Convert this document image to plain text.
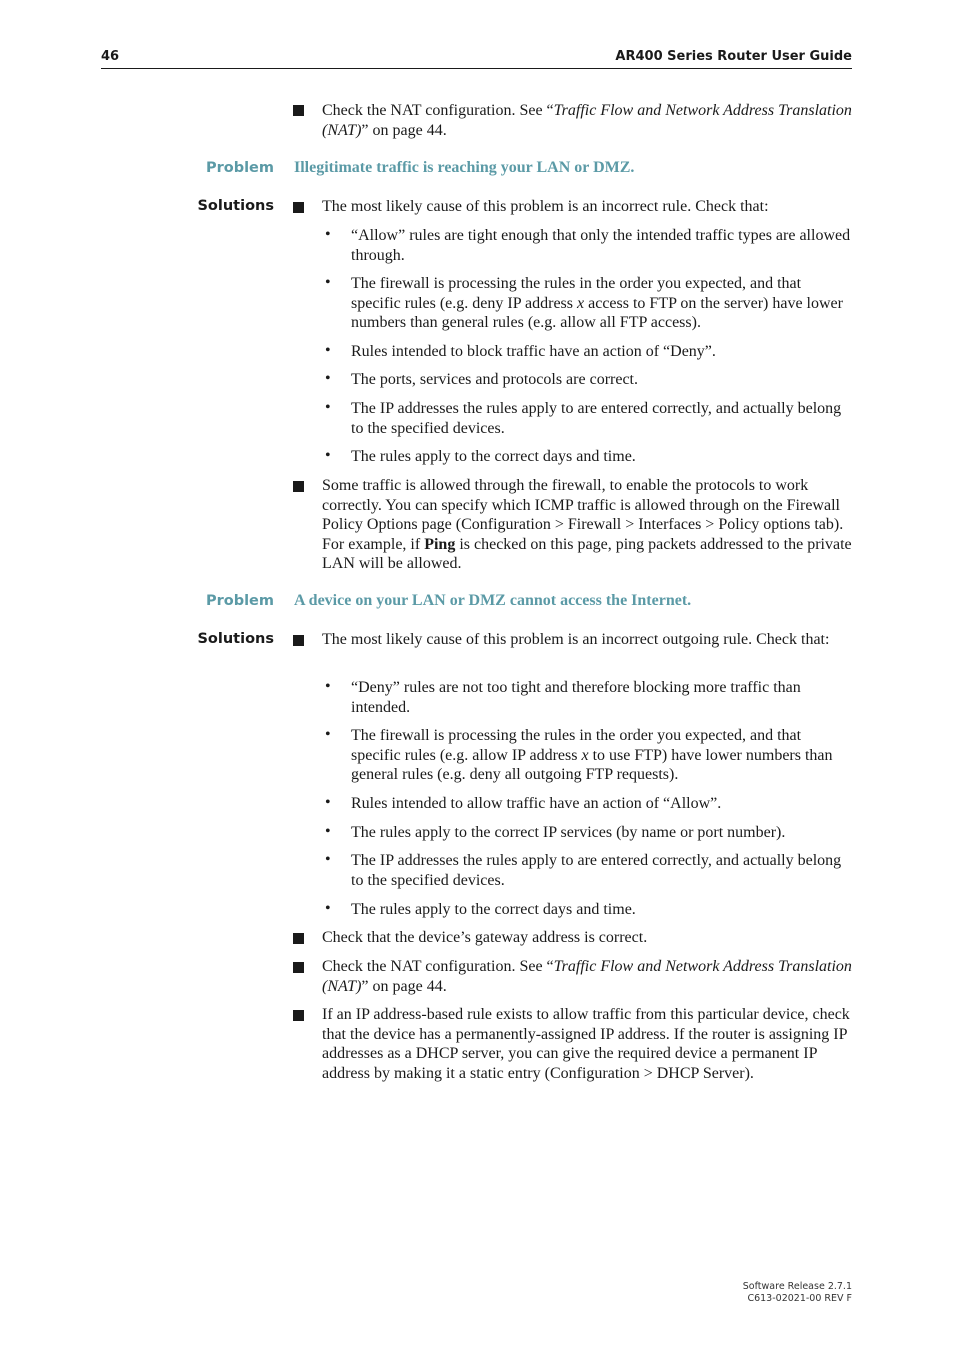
46	AR400 Series Router User Guide
Check the NAT configuration. See “Traffic Flow and Network Address Translation (NAT)” on page 44.
Problem Illegitimate traffic is reaching your LAN or DMZ.
Solutions	The most likely cause of this problem is an incorrect rule. Check that:
• “Allow” rules are tight enough that only the intended traffic types are allowed through.
• The firewall is processing the rules in the order you expected, and that specific rules (e.g. deny IP address x access to FTP on the server) have lower numbers than general rules (e.g. allow all FTP access).
• Rules intended to block traffic have an action of “Deny”.
• The ports, services and protocols are correct.
• The IP addresses the rules apply to are entered correctly, and actually belong to the specified devices.
• The rules apply to the correct days and time.
Some traffic is allowed through the firewall, to enable the protocols to work correctly. You can specify which ICMP traffic is allowed through on the Firewall Policy Options page (Configuration > Firewall > Interfaces > Policy options tab). For example, if Ping is checked on this page, ping packets addressed to the private LAN will be allowed.
Problem A device on your LAN or DMZ cannot access the Internet.
Solutions	The most likely cause of this problem is an incorrect outgoing rule. Check that:
• “Deny” rules are not too tight and therefore blocking more traffic than intended.
• The firewall is processing the rules in the order you expected, and that specific rules (e.g. allow IP address x to use FTP) have lower numbers than general rules (e.g. deny all outgoing FTP requests).
• Rules intended to allow traffic have an action of “Allow”.
• The rules apply to the correct IP services (by name or port number).
• The IP addresses the rules apply to are entered correctly, and actually belong to the specified devices.
• The rules apply to the correct days and time.
Check that the device’s gateway address is correct.
Check the NAT configuration. See “Traffic Flow and Network Address Translation (NAT)” on page 44.
If an IP address-based rule exists to allow traffic from this particular device, check that the device has a permanently-assigned IP address. If the router is assigning IP addresses as a DHCP server, you can give the required device a permanent IP address by making it a static entry (Configuration > DHCP Server).
Software Release 2.7.1
C613-02021-00 REV F
